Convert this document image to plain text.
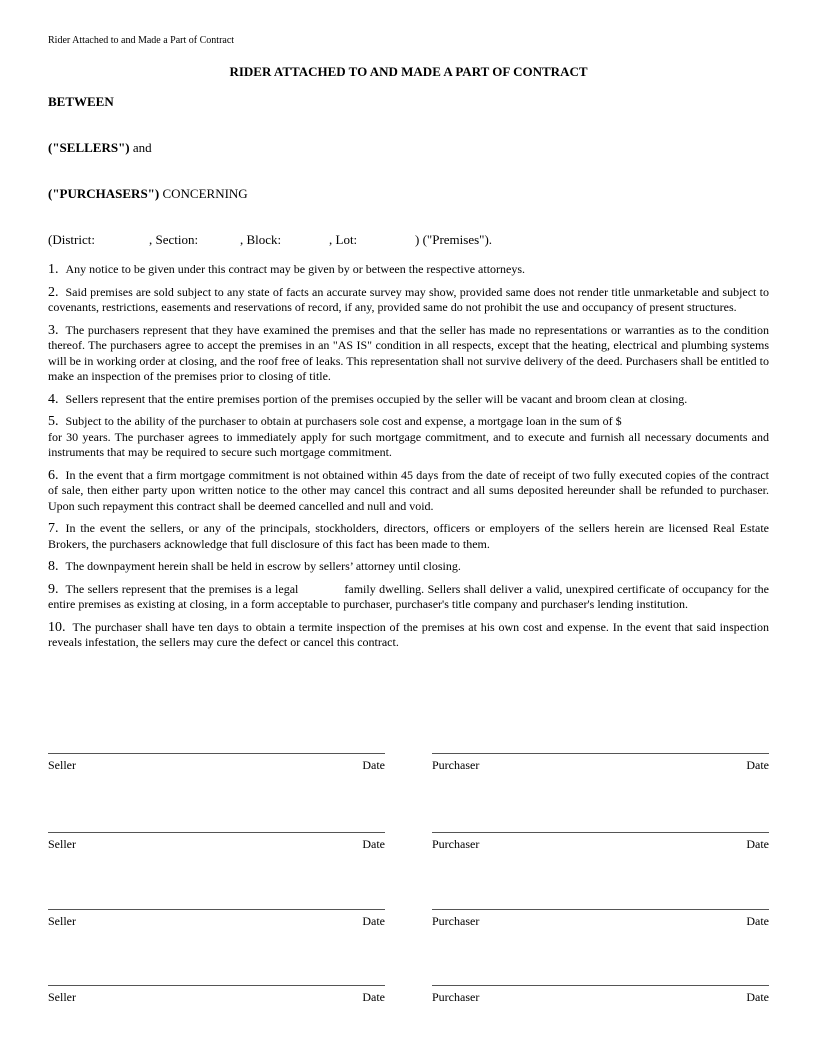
Rider Attached to and Made a Part of Contract
RIDER ATTACHED TO AND MADE A PART OF CONTRACT
BETWEEN
("SELLERS") and
("PURCHASERS") CONCERNING
(District:	, Section:	, Block:	, Lot:	) ("Premises").

1. Any notice to be given under this contract may be given by or between the respective attorneys.

2. Said premises are sold subject to any state of facts an accurate survey may show, provided same does not render title unmarketable and subject to covenants, restrictions, easements and reservations of record, if any, provided same do not prohibit the use and occupancy of present structures.

3. The purchasers represent that they have examined the premises and that the seller has made no representations or warranties as to the condition thereof. The purchasers agree to accept the premises in an "AS IS" condition in all respects, except that the heating, electrical and plumbing systems will be in working order at closing, and the roof free of leaks. This representation shall not survive delivery of the deed. Purchasers shall be entitled to make an inspection of the premises prior to closing of title.

4. Sellers represent that the entire premises portion of the premises occupied by the seller will be vacant and broom clean at closing.

5. Subject to the ability of the purchaser to obtain at purchasers sole cost and expense, a mortgage loan in the sum of $
for 30 years. The purchaser agrees to immediately apply for such mortgage commitment, and to execute and furnish all necessary documents and instruments that may be required to secure such mortgage commitment.

6. In the event that a firm mortgage commitment is not obtained within 45 days from the date of receipt of two fully executed copies of the contract of sale, then either party upon written notice to the other may cancel this contract and all sums deposited hereunder shall be refunded to purchaser. Upon such repayment this contract shall be deemed cancelled and null and void.

7. In the event the sellers, or any of the principals, stockholders, directors, officers or employers of the sellers herein are licensed Real Estate Brokers, the purchasers acknowledge that full disclosure of this fact has been made to them.

8. The downpayment herein shall be held in escrow by sellers’ attorney until closing.

9. The sellers represent that the premises is a legal	family dwelling. Sellers shall deliver a valid, unexpired certificate of occupancy for the entire premises as existing at closing, in a form acceptable to purchaser, purchaser's title company and purchaser's lending institution.

10. The purchaser shall have ten days to obtain a termite inspection of the premises at his own cost and expense. In the event that said inspection reveals infestation, the sellers may cure the defect or cancel this contract.

Seller	Date	Purchaser	Date
Seller	Date	Purchaser	Date
Seller	Date	Purchaser	Date
Seller	Date	Purchaser	Date
